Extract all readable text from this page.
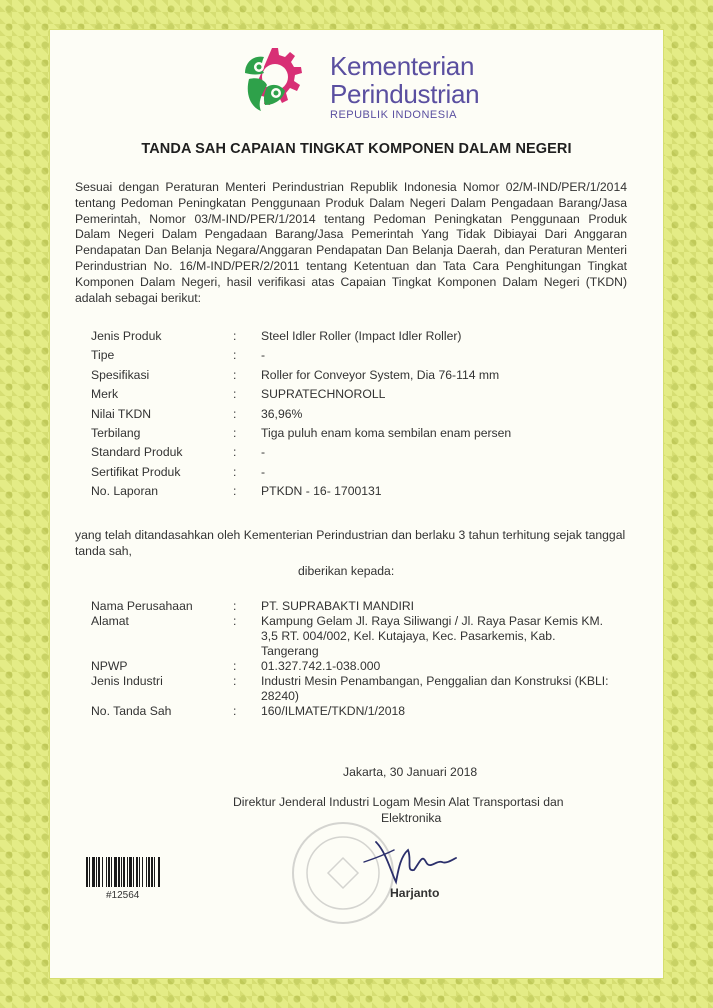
Kementerian
Perindustrian
REPUBLIK INDONESIA
TANDA SAH CAPAIAN TINGKAT KOMPONEN DALAM NEGERI
Sesuai dengan Peraturan Menteri Perindustrian Republik Indonesia Nomor 02/M-IND/PER/1/2014 tentang Pedoman Peningkatan Penggunaan Produk Dalam Negeri Dalam Pengadaan Barang/Jasa Pemerintah, Nomor 03/M-IND/PER/1/2014 tentang Pedoman Peningkatan Penggunaan Produk Dalam Negeri Dalam Pengadaan Barang/Jasa Pemerintah Yang Tidak Dibiayai Dari Anggaran Pendapatan Dan Belanja Negara/Anggaran Pendapatan Dan Belanja Daerah, dan Peraturan Menteri Perindustrian No. 16/M-IND/PER/2/2011 tentang Ketentuan dan Tata Cara Penghitungan Tingkat Komponen Dalam Negeri, hasil verifikasi atas Capaian Tingkat Komponen Dalam Negeri (TKDN) adalah sebagai berikut:
Jenis Produk	:	Steel Idler Roller (Impact Idler Roller)
Tipe	:	-
Spesifikasi	:	Roller for Conveyor System, Dia 76-114 mm
Merk	:	SUPRATECHNOROLL
Nilai TKDN	:	36,96%
Terbilang	:	Tiga puluh enam koma sembilan enam persen
Standard Produk	:	-
Sertifikat Produk	:	-
No. Laporan	:	PTKDN - 16- 1700131
yang telah ditandasahkan oleh Kementerian Perindustrian dan berlaku 3 tahun terhitung sejak tanggal tanda sah,
diberikan kepada:
Nama Perusahaan	:	PT. SUPRABAKTI MANDIRI
Alamat	:	Kampung Gelam Jl. Raya Siliwangi / Jl. Raya Pasar Kemis KM. 3,5 RT. 004/002, Kel. Kutajaya, Kec. Pasarkemis, Kab. Tangerang
NPWP	:	01.327.742.1-038.000
Jenis Industri	:	Industri Mesin Penambangan, Penggalian dan Konstruksi (KBLI: 28240)
No. Tanda Sah	:	160/ILMATE/TKDN/1/2018
Jakarta, 30 Januari 2018
Direktur Jenderal Industri Logam Mesin Alat Transportasi dan
Elektronika
Harjanto
#12564
